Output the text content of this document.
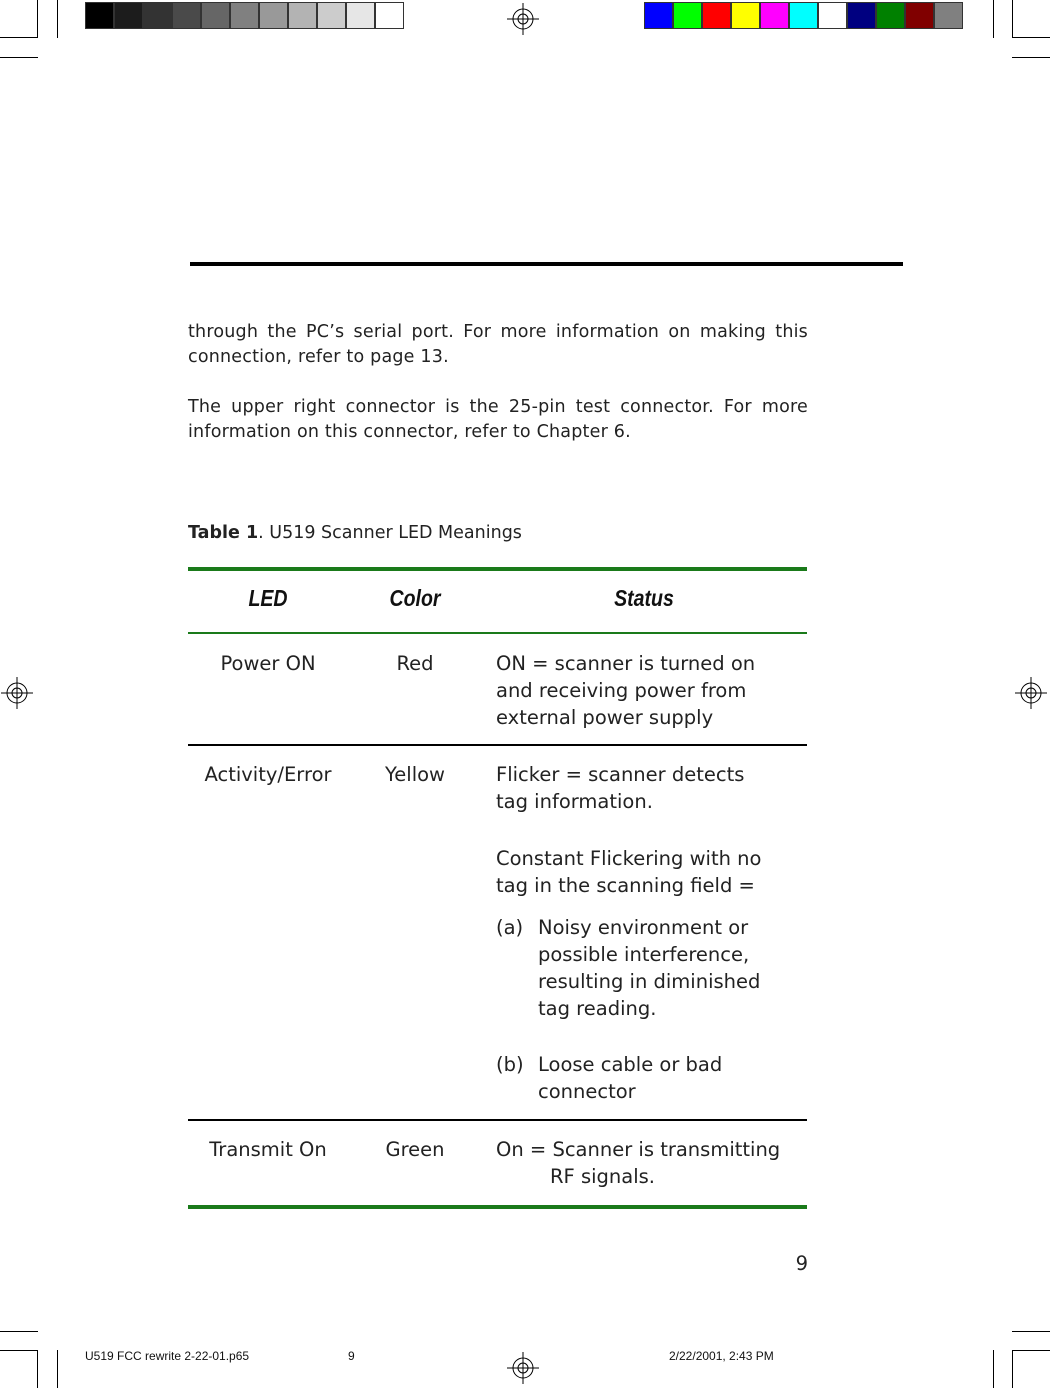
through the PC’s serial port. For more information on making this connection, refer to page 13.
The upper right connector is the 25-pin test connector. For more information on this connector, refer to Chapter 6.
Table 1. U519 Scanner LED Meanings
LED	Color	Status
Power ON	Red	ON = scanner is turned on and receiving power from external power supply
Activity/Error	Yellow	Flicker = scanner detects tag information.
Constant Flickering with no tag in the scanning field =
(a) Noisy environment or possible interference, resulting in diminished tag reading.
(b) Loose cable or bad connector
Transmit On	Green	On = Scanner is transmitting
RF signals.
9
U519 FCC rewrite 2-22-01.p65	9	2/22/2001, 2:43 PM
